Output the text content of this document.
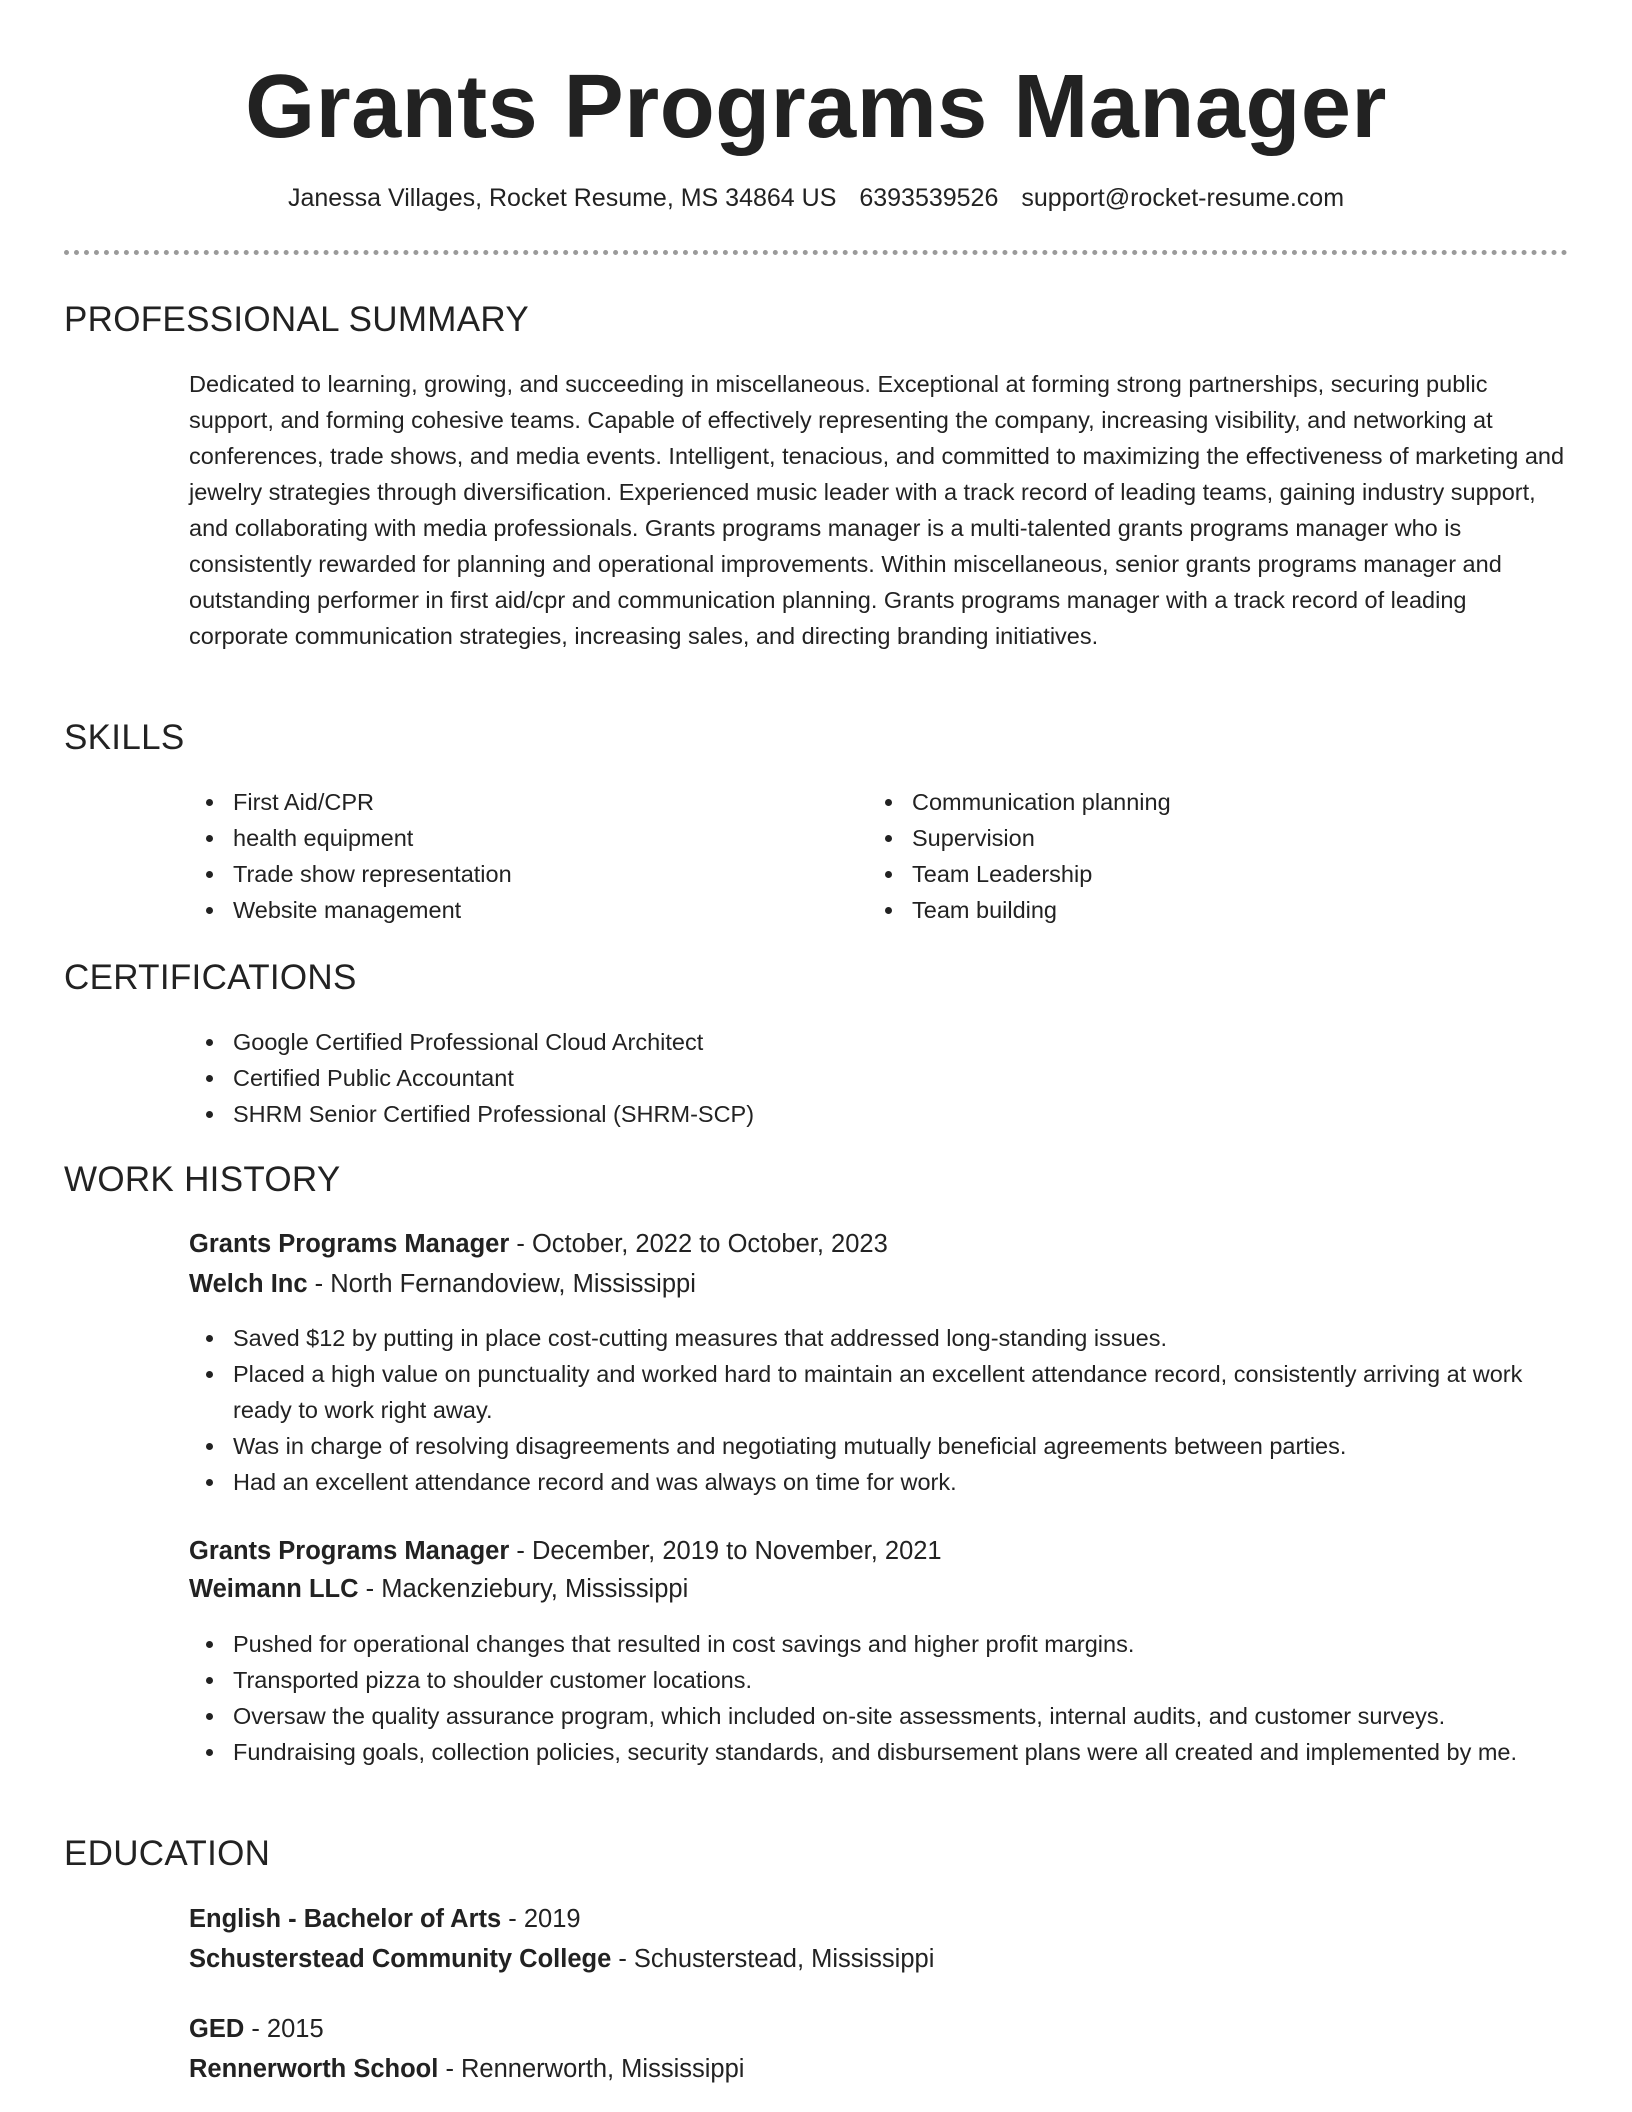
Grants Programs Manager
Janessa Villages, Rocket Resume, MS 34864 US 6393539526 support@rocket-resume.com
PROFESSIONAL SUMMARY

Dedicated to learning, growing, and succeeding in miscellaneous. Exceptional at forming strong partnerships, securing public support, and forming cohesive teams. Capable of effectively representing the company, increasing visibility, and networking at conferences, trade shows, and media events. Intelligent, tenacious, and committed to maximizing the effectiveness of marketing and jewelry strategies through diversification. Experienced music leader with a track record of leading teams, gaining industry support, and collaborating with media professionals. Grants programs manager is a multi-talented grants programs manager who is consistently rewarded for planning and operational improvements. Within miscellaneous, senior grants programs manager and outstanding performer in first aid/cpr and communication planning. Grants programs manager with a track record of leading corporate communication strategies, increasing sales, and directing branding initiatives.

SKILLS
First Aid/CPR
health equipment
Trade show representation
Website management
Communication planning
Supervision
Team Leadership
Team building
CERTIFICATIONS
Google Certified Professional Cloud Architect
Certified Public Accountant
SHRM Senior Certified Professional (SHRM-SCP)
WORK HISTORY
Grants Programs Manager - October, 2022 to October, 2023
Welch Inc - North Fernandoview, Mississippi
Saved $12 by putting in place cost-cutting measures that addressed long-standing issues.
Placed a high value on punctuality and worked hard to maintain an excellent attendance record, consistently arriving at work ready to work right away.
Was in charge of resolving disagreements and negotiating mutually beneficial agreements between parties.
Had an excellent attendance record and was always on time for work.
Grants Programs Manager - December, 2019 to November, 2021
Weimann LLC - Mackenziebury, Mississippi
Pushed for operational changes that resulted in cost savings and higher profit margins.
Transported pizza to shoulder customer locations.
Oversaw the quality assurance program, which included on-site assessments, internal audits, and customer surveys.
Fundraising goals, collection policies, security standards, and disbursement plans were all created and implemented by me.
EDUCATION
English - Bachelor of Arts - 2019
Schusterstead Community College - Schusterstead, Mississippi
GED - 2015
Rennerworth School - Rennerworth, Mississippi
